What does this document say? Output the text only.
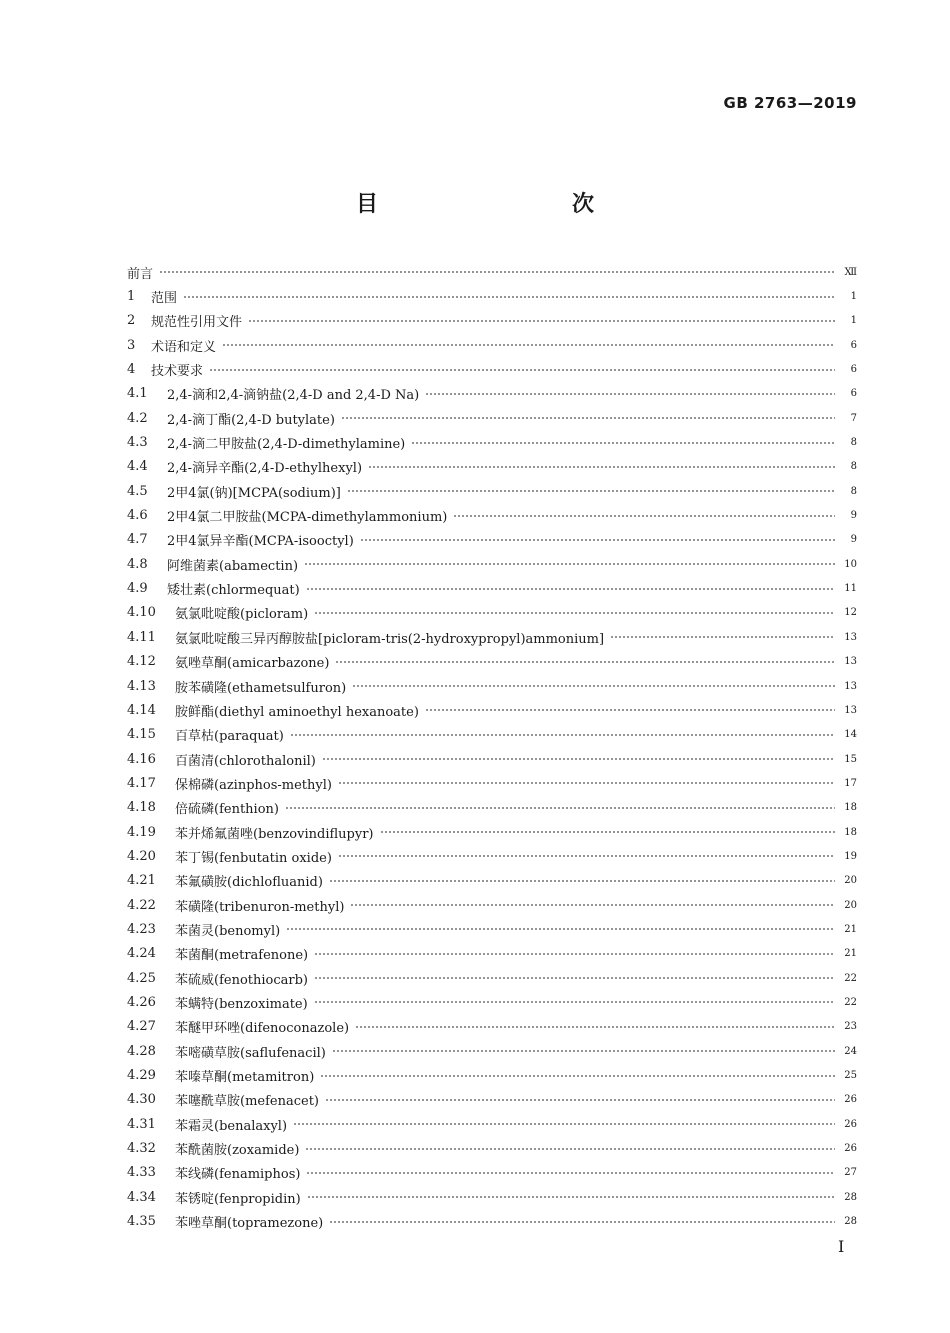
GB 2763—2019
目　　次
前言	Ⅻ
1	范围	1
2	规范性引用文件	1
3	术语和定义	6
4	技术要求	6
4.1	2,4-滴和2,4-滴钠盐(2,4-D and 2,4-D Na)	6
4.2	2,4-滴丁酯(2,4-D butylate)	7
4.3	2,4-滴二甲胺盐(2,4-D-dimethylamine)	8
4.4	2,4-滴异辛酯(2,4-D-ethylhexyl)	8
4.5	2甲4氯(钠)[MCPA(sodium)]	8
4.6	2甲4氯二甲胺盐(MCPA-dimethylammonium)	9
4.7	2甲4氯异辛酯(MCPA-isooctyl)	9
4.8	阿维菌素(abamectin)	10
4.9	矮壮素(chlormequat)	11
4.10	氨氯吡啶酸(picloram)	12
4.11	氨氯吡啶酸三异丙醇胺盐[picloram-tris(2-hydroxypropyl)ammonium]	13
4.12	氨唑草酮(amicarbazone)	13
4.13	胺苯磺隆(ethametsulfuron)	13
4.14	胺鲜酯(diethyl aminoethyl hexanoate)	13
4.15	百草枯(paraquat)	14
4.16	百菌清(chlorothalonil)	15
4.17	保棉磷(azinphos-methyl)	17
4.18	倍硫磷(fenthion)	18
4.19	苯并烯氟菌唑(benzovindiflupyr)	18
4.20	苯丁锡(fenbutatin oxide)	19
4.21	苯氟磺胺(dichlofluanid)	20
4.22	苯磺隆(tribenuron-methyl)	20
4.23	苯菌灵(benomyl)	21
4.24	苯菌酮(metrafenone)	21
4.25	苯硫威(fenothiocarb)	22
4.26	苯螨特(benzoximate)	22
4.27	苯醚甲环唑(difenoconazole)	23
4.28	苯嘧磺草胺(saflufenacil)	24
4.29	苯嗪草酮(metamitron)	25
4.30	苯噻酰草胺(mefenacet)	26
4.31	苯霜灵(benalaxyl)	26
4.32	苯酰菌胺(zoxamide)	26
4.33	苯线磷(fenamiphos)	27
4.34	苯锈啶(fenpropidin)	28
4.35	苯唑草酮(topramezone)	28
Ⅰ
